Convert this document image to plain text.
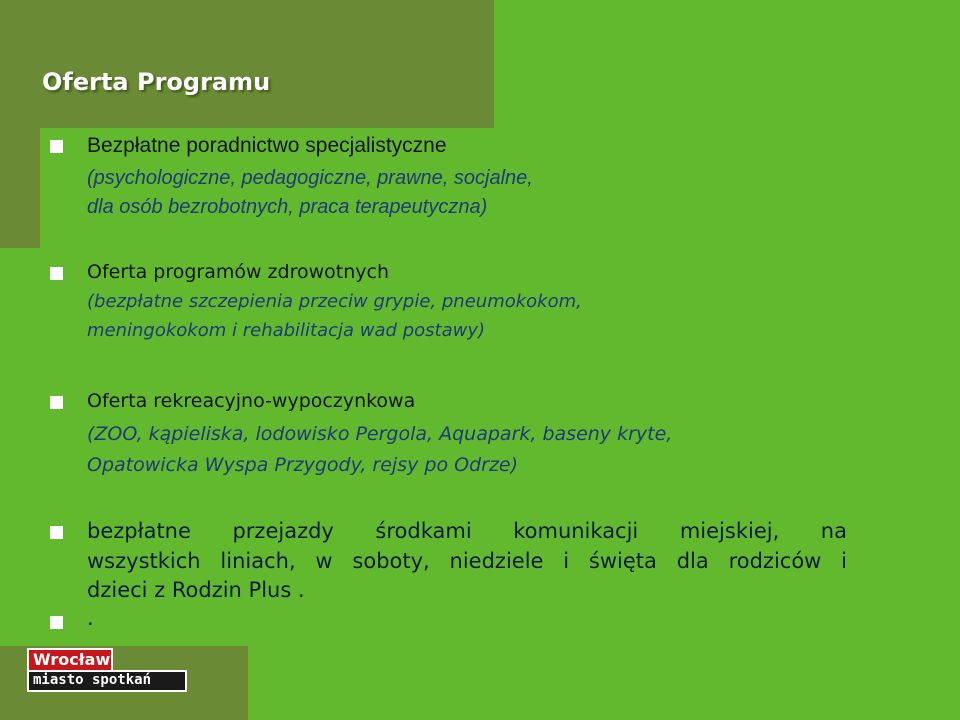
Oferta Programu
Bezpłatne poradnictwo specjalistyczne
(psychologiczne, pedagogiczne, prawne, socjalne,
dla osób bezrobotnych, praca terapeutyczna)
Oferta programów zdrowotnych
(bezpłatne szczepienia przeciw grypie, pneumokokom,
meningokokom i rehabilitacja wad postawy)
Oferta rekreacyjno-wypoczynkowa
(ZOO, kąpieliska, lodowisko Pergola, Aquapark, baseny kryte,
Opatowicka Wyspa Przygody, rejsy po Odrze)
bezpłatne przejazdy środkami komunikacji miejskiej, na
wszystkich liniach, w soboty, niedziele i święta dla rodziców i
dzieci z Rodzin Plus .
.
Wrocław
miasto spotkań
